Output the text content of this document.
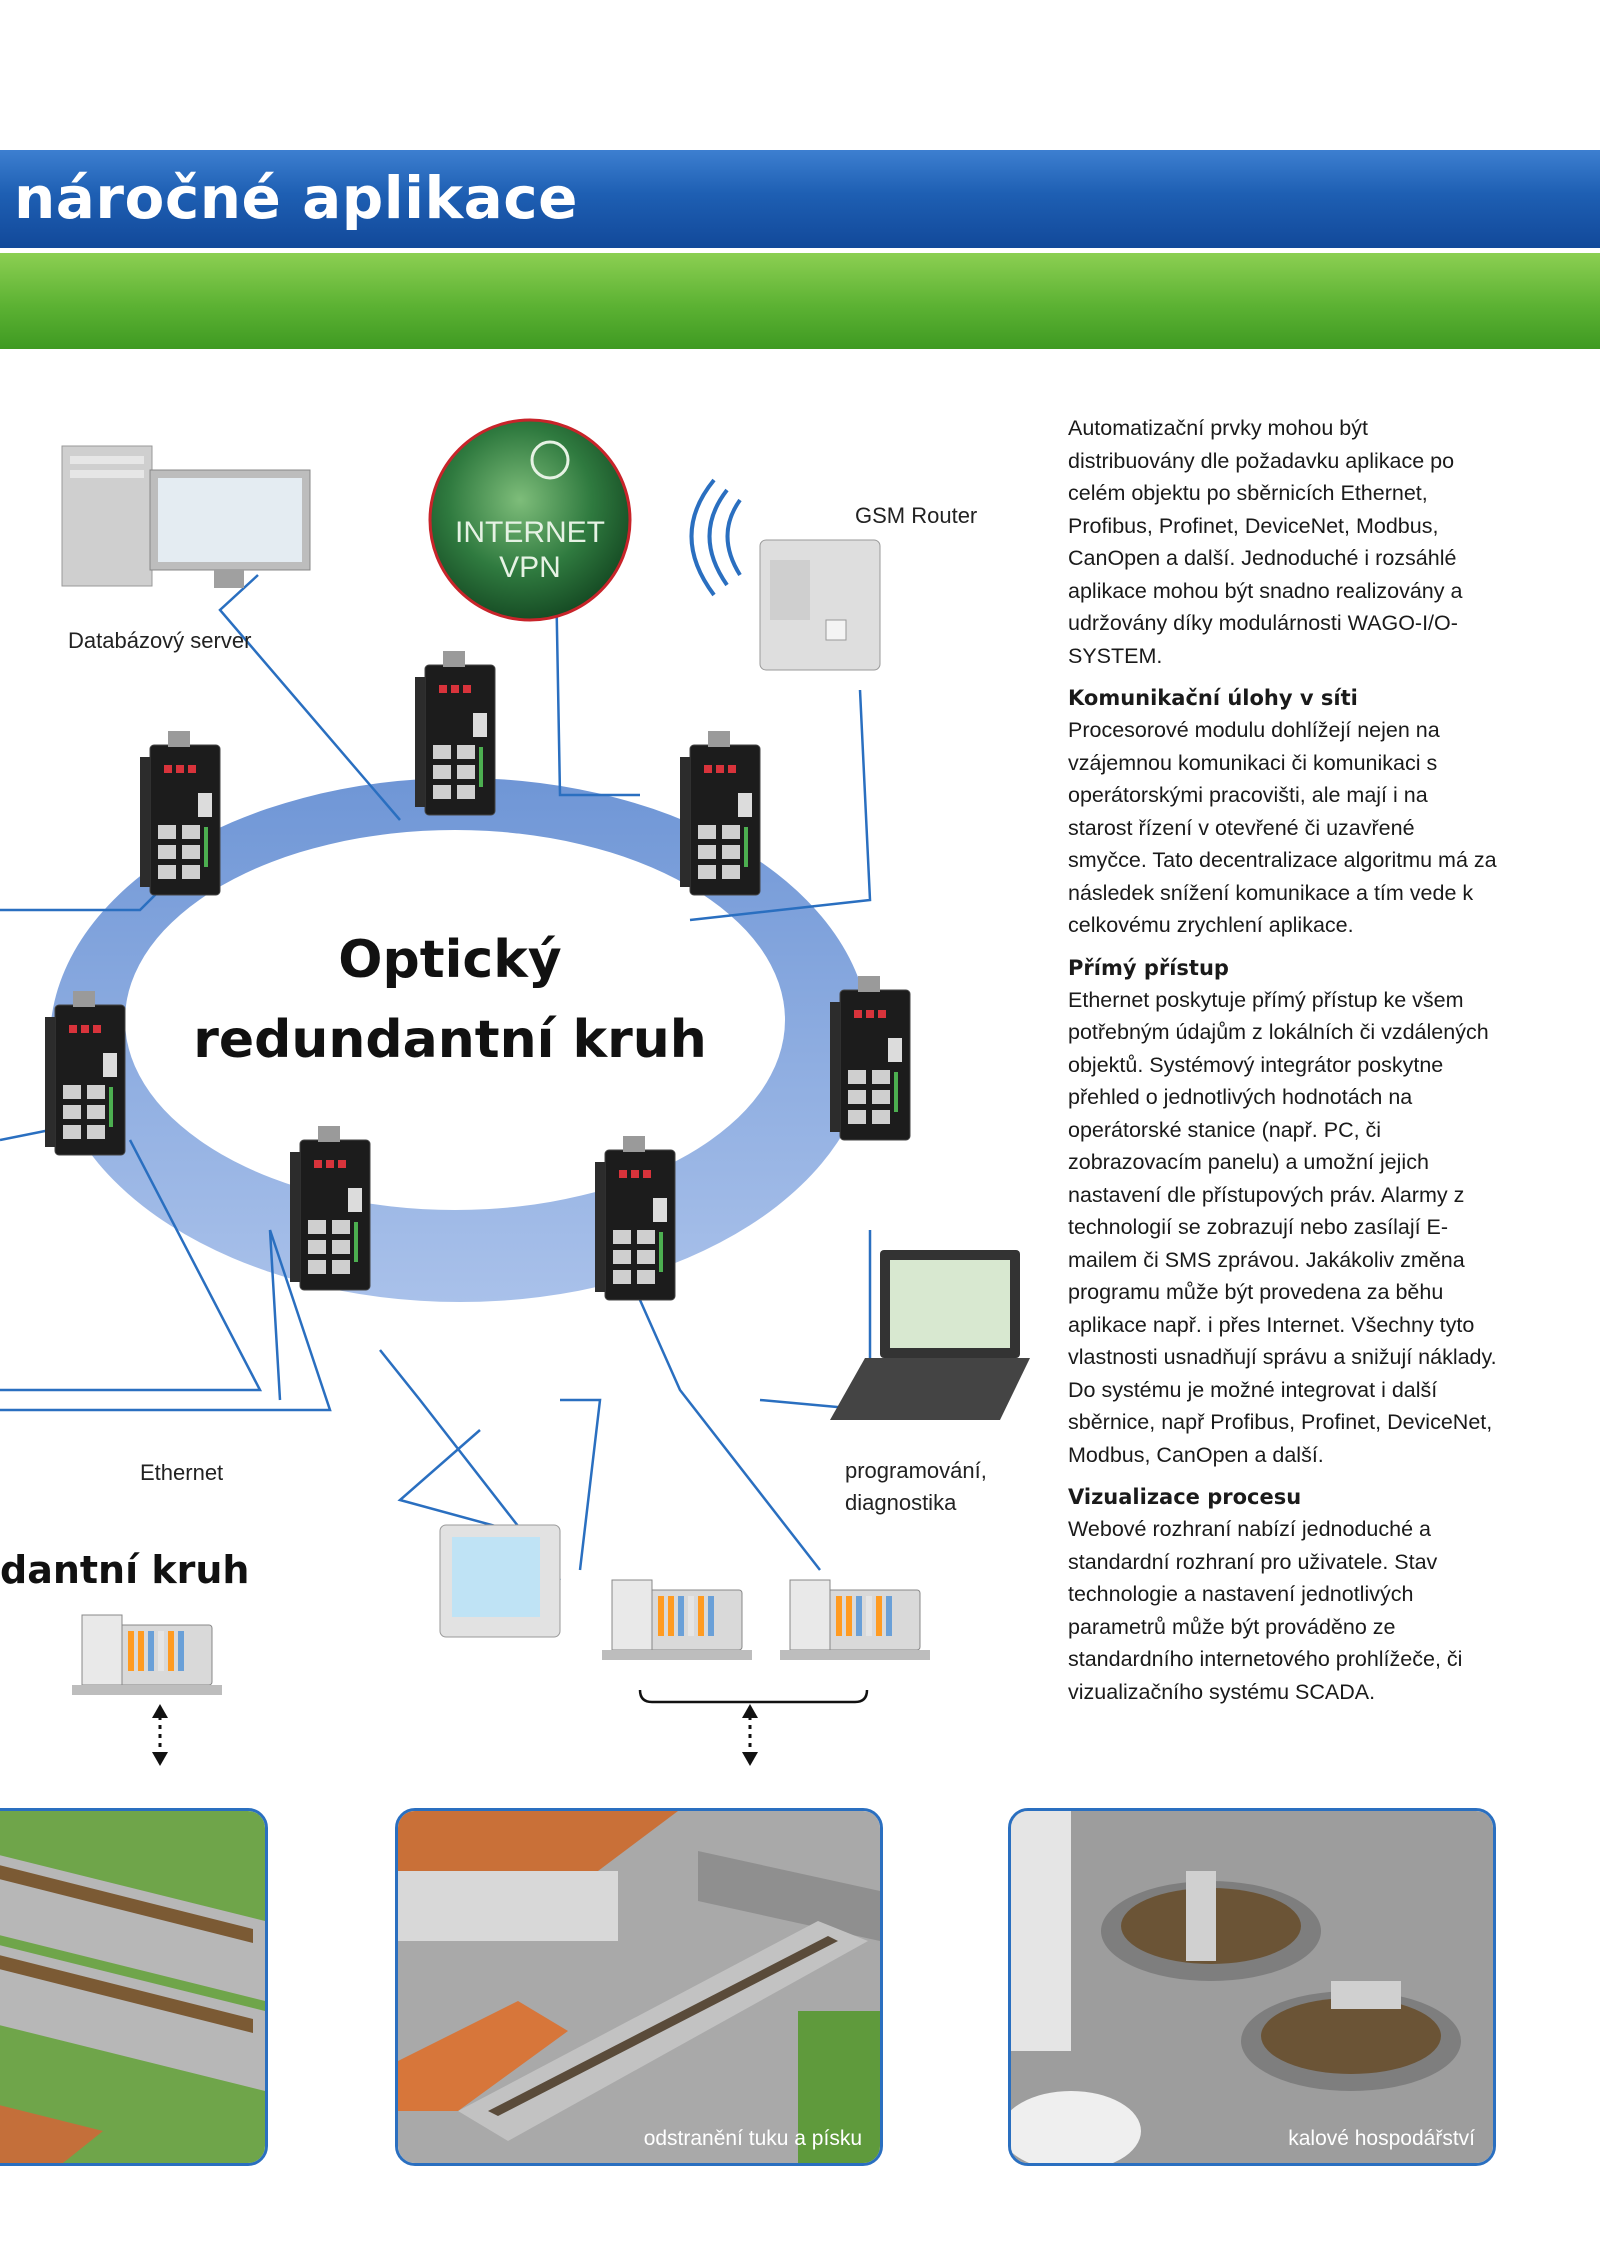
náročné aplikace
INTERNET
VPN
Optický
redundantní kruh
Databázový server
GSM Router
Ethernet	programování,
diagnostika
dantní kruh

Automatizační prvky mohou být distribuovány dle požadavku aplikace po celém objektu po sběrnicích Ethernet, Profibus, Profinet, DeviceNet, Modbus, CanOpen a další. Jednoduché i rozsáhlé aplikace mohou být snadno realizovány a udržovány díky modulárnosti WAGO-I/O-SYSTEM.

Komunikační úlohy v síti

Procesorové modulu dohlížejí nejen na vzájemnou komunikaci či komunikaci s operátorskými pracovišti, ale mají i na starost řízení v otevřené či uzavřené smyčce. Tato decentralizace algoritmu má za následek snížení komunikace a tím vede k celkovému zrychlení aplikace.

Přímý přístup

Ethernet poskytuje přímý přístup ke všem potřebným údajům z lokálních či vzdálených objektů. Systémový integrátor poskytne přehled o jednotlivých hodnotách na operátorské stanice (např. PC, či zobrazovacím panelu) a umožní jejich nastavení dle přístupových práv. Alarmy z technologií se zobrazují nebo zasílají E-mailem či SMS zprávou. Jakákoliv změna programu může být provedena za běhu aplikace např. i přes Internet. Všechny tyto vlastnosti usnadňují správu a snižují náklady. Do systému je možné integrovat i další sběrnice, např Profibus, Profinet, DeviceNet, Modbus, CanOpen a další.

Vizualizace procesu

Webové rozhraní nabízí jednoduché a standardní rozhraní pro uživatele. Stav technologie a nastavení jednotlivých parametrů může být prováděno ze standardního internetového prohlížeče, či vizualizačního systému SCADA.

odstranění tuku a písku	kalové hospodářství
